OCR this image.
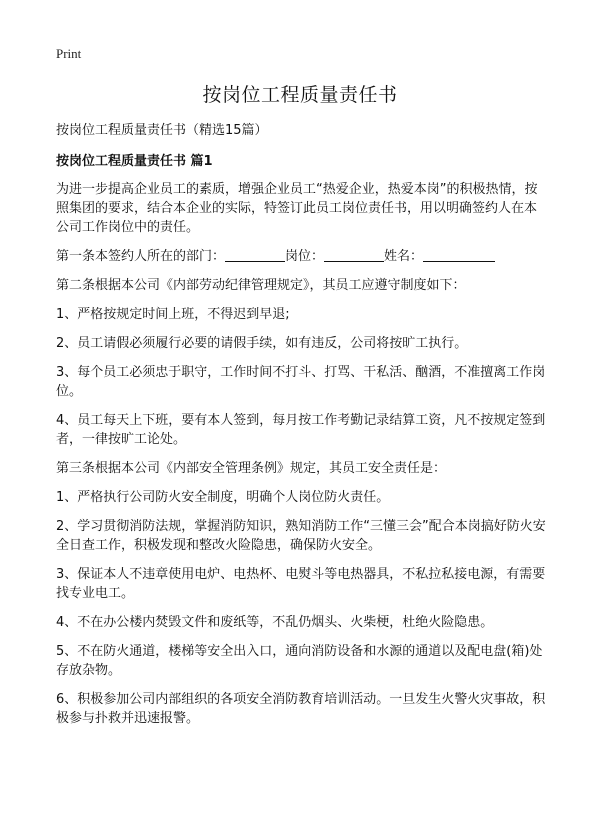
Print
按岗位工程质量责任书

按岗位工程质量责任书（精选15篇）

按岗位工程质量责任书 篇1

为进一步提高企业员工的素质，增强企业员工“热爱企业，热爱本岗”的积极热情，按照集团的要求，结合本企业的实际，特签订此员工岗位责任书，用以明确签约人在本公司工作岗位中的责任。

第一条本签约人所在的部门：	岗位：	姓名：

第二条根据本公司《内部劳动纪律管理规定》，其员工应遵守制度如下：

1、严格按规定时间上班，不得迟到早退;

2、员工请假必须履行必要的请假手续，如有违反，公司将按旷工执行。

3、每个员工必须忠于职守，工作时间不打斗、打骂、干私活、酗酒，不准擅离工作岗位。

4、员工每天上下班，要有本人签到，每月按工作考勤记录结算工资，凡不按规定签到者，一律按旷工论处。

第三条根据本公司《内部安全管理条例》规定，其员工安全责任是：

1、严格执行公司防火安全制度，明确个人岗位防火责任。

2、学习贯彻消防法规，掌握消防知识，熟知消防工作“三懂三会”配合本岗搞好防火安全日查工作，积极发现和整改火险隐患，确保防火安全。

3、保证本人不违章使用电炉、电热杯、电熨斗等电热器具，不私拉私接电源，有需要找专业电工。

4、不在办公楼内焚毁文件和废纸等，不乱仍烟头、火柴梗，杜绝火险隐患。

5、不在防火通道，楼梯等安全出入口，通向消防设备和水源的通道以及配电盘(箱)处存放杂物。

6、积极参加公司内部组织的各项安全消防教育培训活动。一旦发生火警火灾事故，积极参与扑救并迅速报警。
